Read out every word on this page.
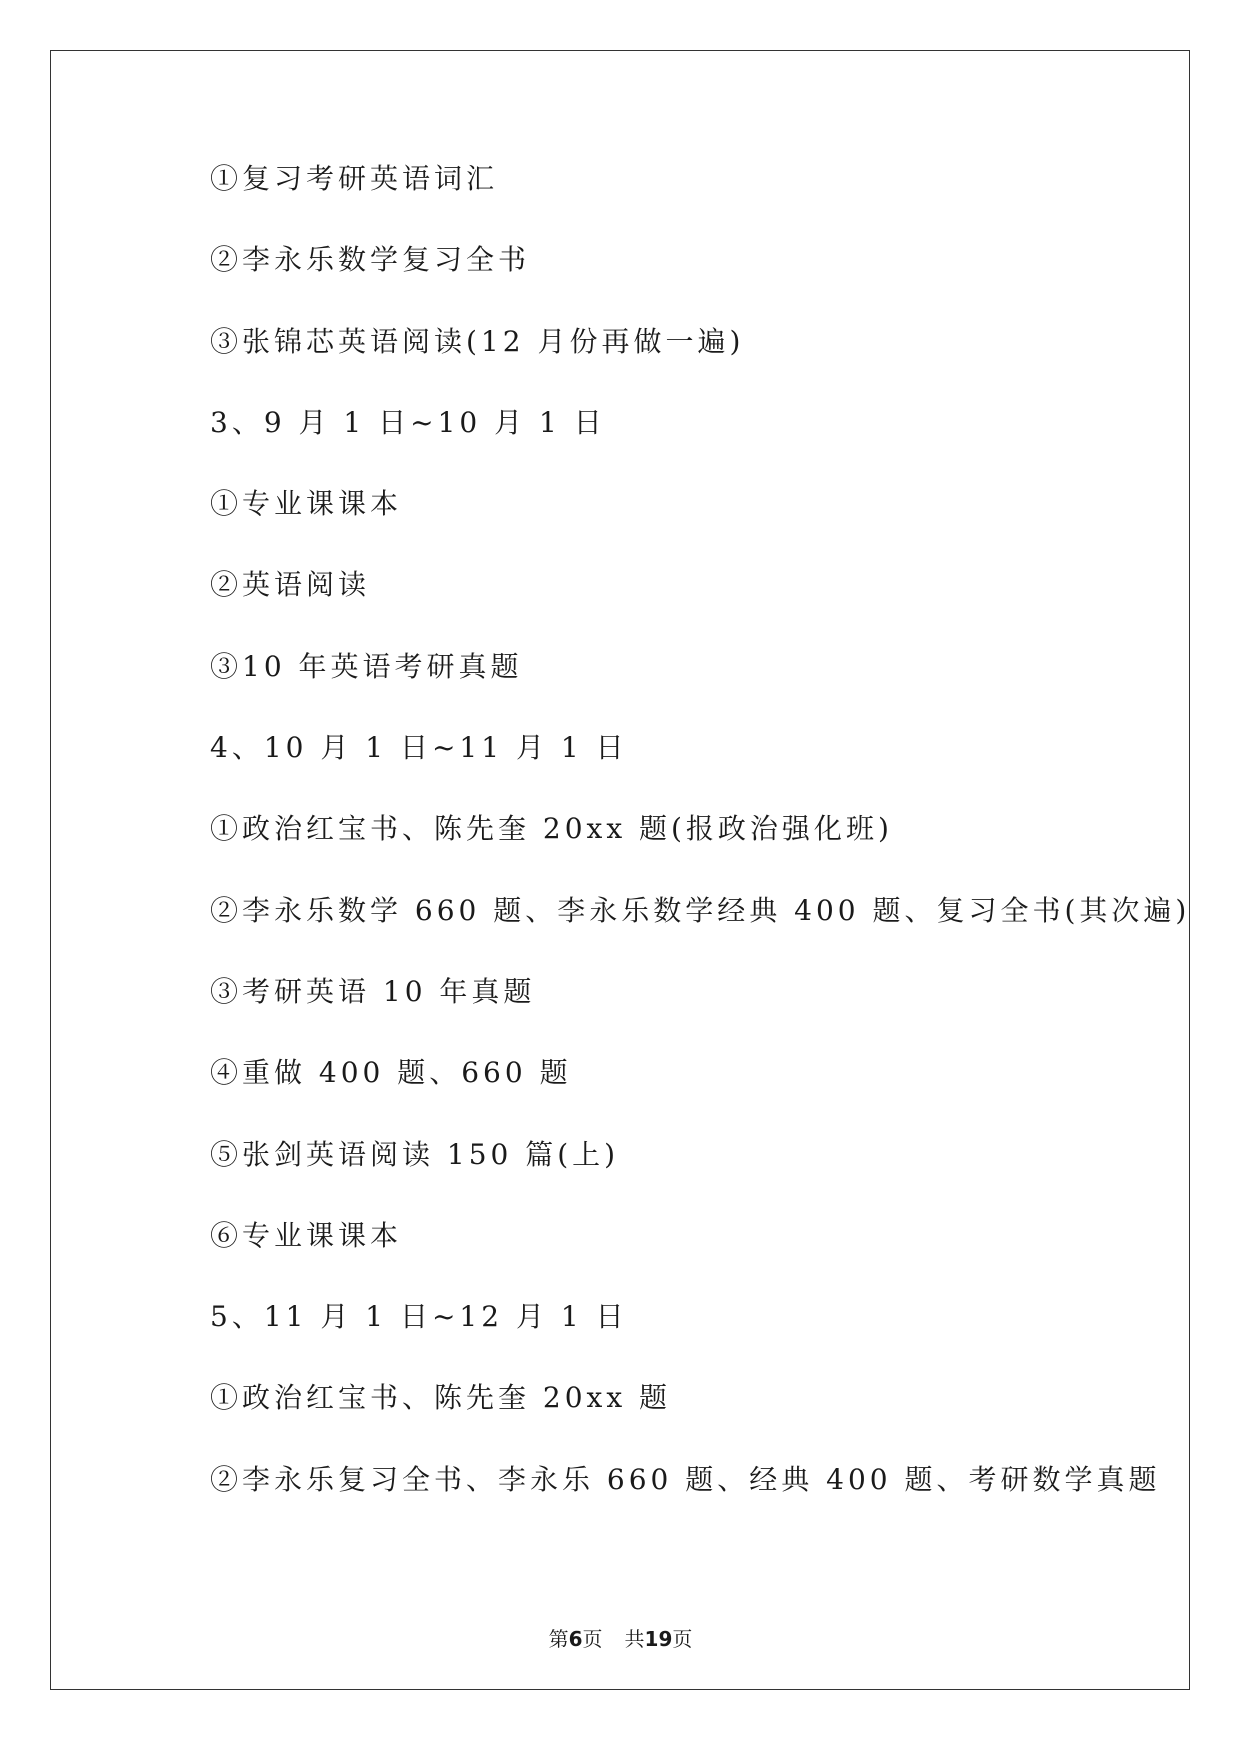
①复习考研英语词汇
②李永乐数学复习全书
③张锦芯英语阅读(12 月份再做一遍)
3、9 月 1 日~10 月 1 日
①专业课课本
②英语阅读
③10 年英语考研真题
4、10 月 1 日~11 月 1 日
①政治红宝书、陈先奎 20xx 题(报政治强化班)
②李永乐数学 660 题、李永乐数学经典 400 题、复习全书(其次遍)
③考研英语 10 年真题
④重做 400 题、660 题
⑤张剑英语阅读 150 篇(上)
⑥专业课课本
5、11 月 1 日~12 月 1 日
①政治红宝书、陈先奎 20xx 题
②李永乐复习全书、李永乐 660 题、经典 400 题、考研数学真题
第6页 共19页
